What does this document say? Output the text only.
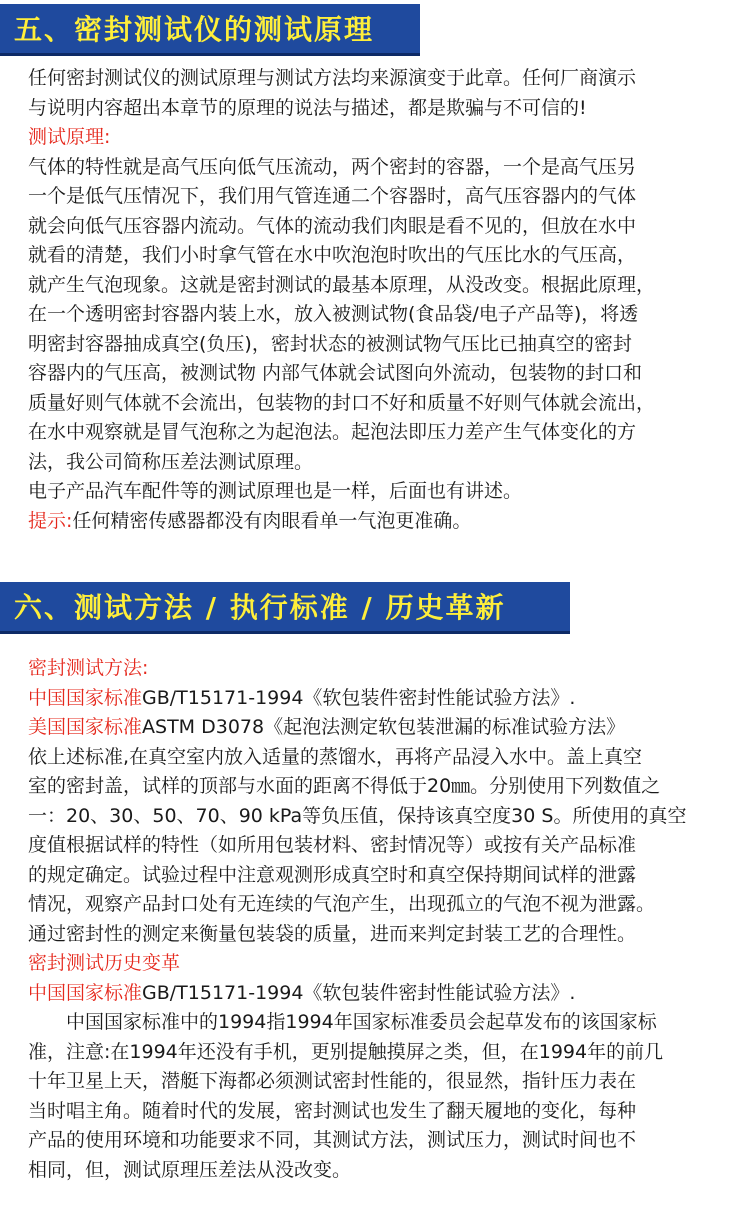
五、密封测试仪的测试原理

任何密封测试仪的测试原理与测试方法均来源演变于此章。任何厂商演示
与说明内容超出本章节的原理的说法与描述，都是欺骗与不可信的!

测试原理:

气体的特性就是高气压向低气压流动，两个密封的容器，一个是高气压另
一个是低气压情况下，我们用气管连通二个容器时，高气压容器内的气体
就会向低气压容器内流动。气体的流动我们肉眼是看不见的，但放在水中
就看的清楚，我们小时拿气管在水中吹泡泡时吹出的气压比水的气压高，
就产生气泡现象。这就是密封测试的最基本原理，从没改变。根据此原理，
在一个透明密封容器内装上水，放入被测试物(食品袋/电子产品等)，将透
明密封容器抽成真空(负压)，密封状态的被测试物气压比已抽真空的密封
容器内的气压高，被测试物 内部气体就会试图向外流动，包装物的封口和
质量好则气体就不会流出，包装物的封口不好和质量不好则气体就会流出，
在水中观察就是冒气泡称之为起泡法。起泡法即压力差产生气体变化的方
法，我公司简称压差法测试原理。

电子产品汽车配件等的测试原理也是一样，后面也有讲述。

提示:任何精密传感器都没有肉眼看单一气泡更准确。

六、测试方法 / 执行标准 / 历史革新

密封测试方法:

中国国家标准GB/T15171-1994《软包装件密封性能试验方法》.

美国国家标准ASTM D3078《起泡法测定软包装泄漏的标准试验方法》

依上述标准,在真空室内放入适量的蒸馏水，再将产品浸入水中。盖上真空
室的密封盖，试样的顶部与水面的距离不得低于20㎜。分别使用下列数值之
一：20、30、50、70、90 kPa等负压值，保持该真空度30 S。所使用的真空
度值根据试样的特性（如所用包装材料、密封情况等）或按有关产品标准
的规定确定。试验过程中注意观测形成真空时和真空保持期间试样的泄露
情况，观察产品封口处有无连续的气泡产生，出现孤立的气泡不视为泄露。
通过密封性的测定来衡量包装袋的质量，进而来判定封装工艺的合理性。

密封测试历史变革

中国国家标准GB/T15171-1994《软包装件密封性能试验方法》.

中国国家标准中的1994指1994年国家标准委员会起草发布的该国家标
准，注意:在1994年还没有手机，更别提触摸屏之类，但，在1994年的前几
十年卫星上天，潜艇下海都必须测试密封性能的，很显然，指针压力表在
当时唱主角。随着时代的发展，密封测试也发生了翻天履地的变化，每种
产品的使用环境和功能要求不同，其测试方法，测试压力，测试时间也不
相同，但，测试原理压差法从没改变。
